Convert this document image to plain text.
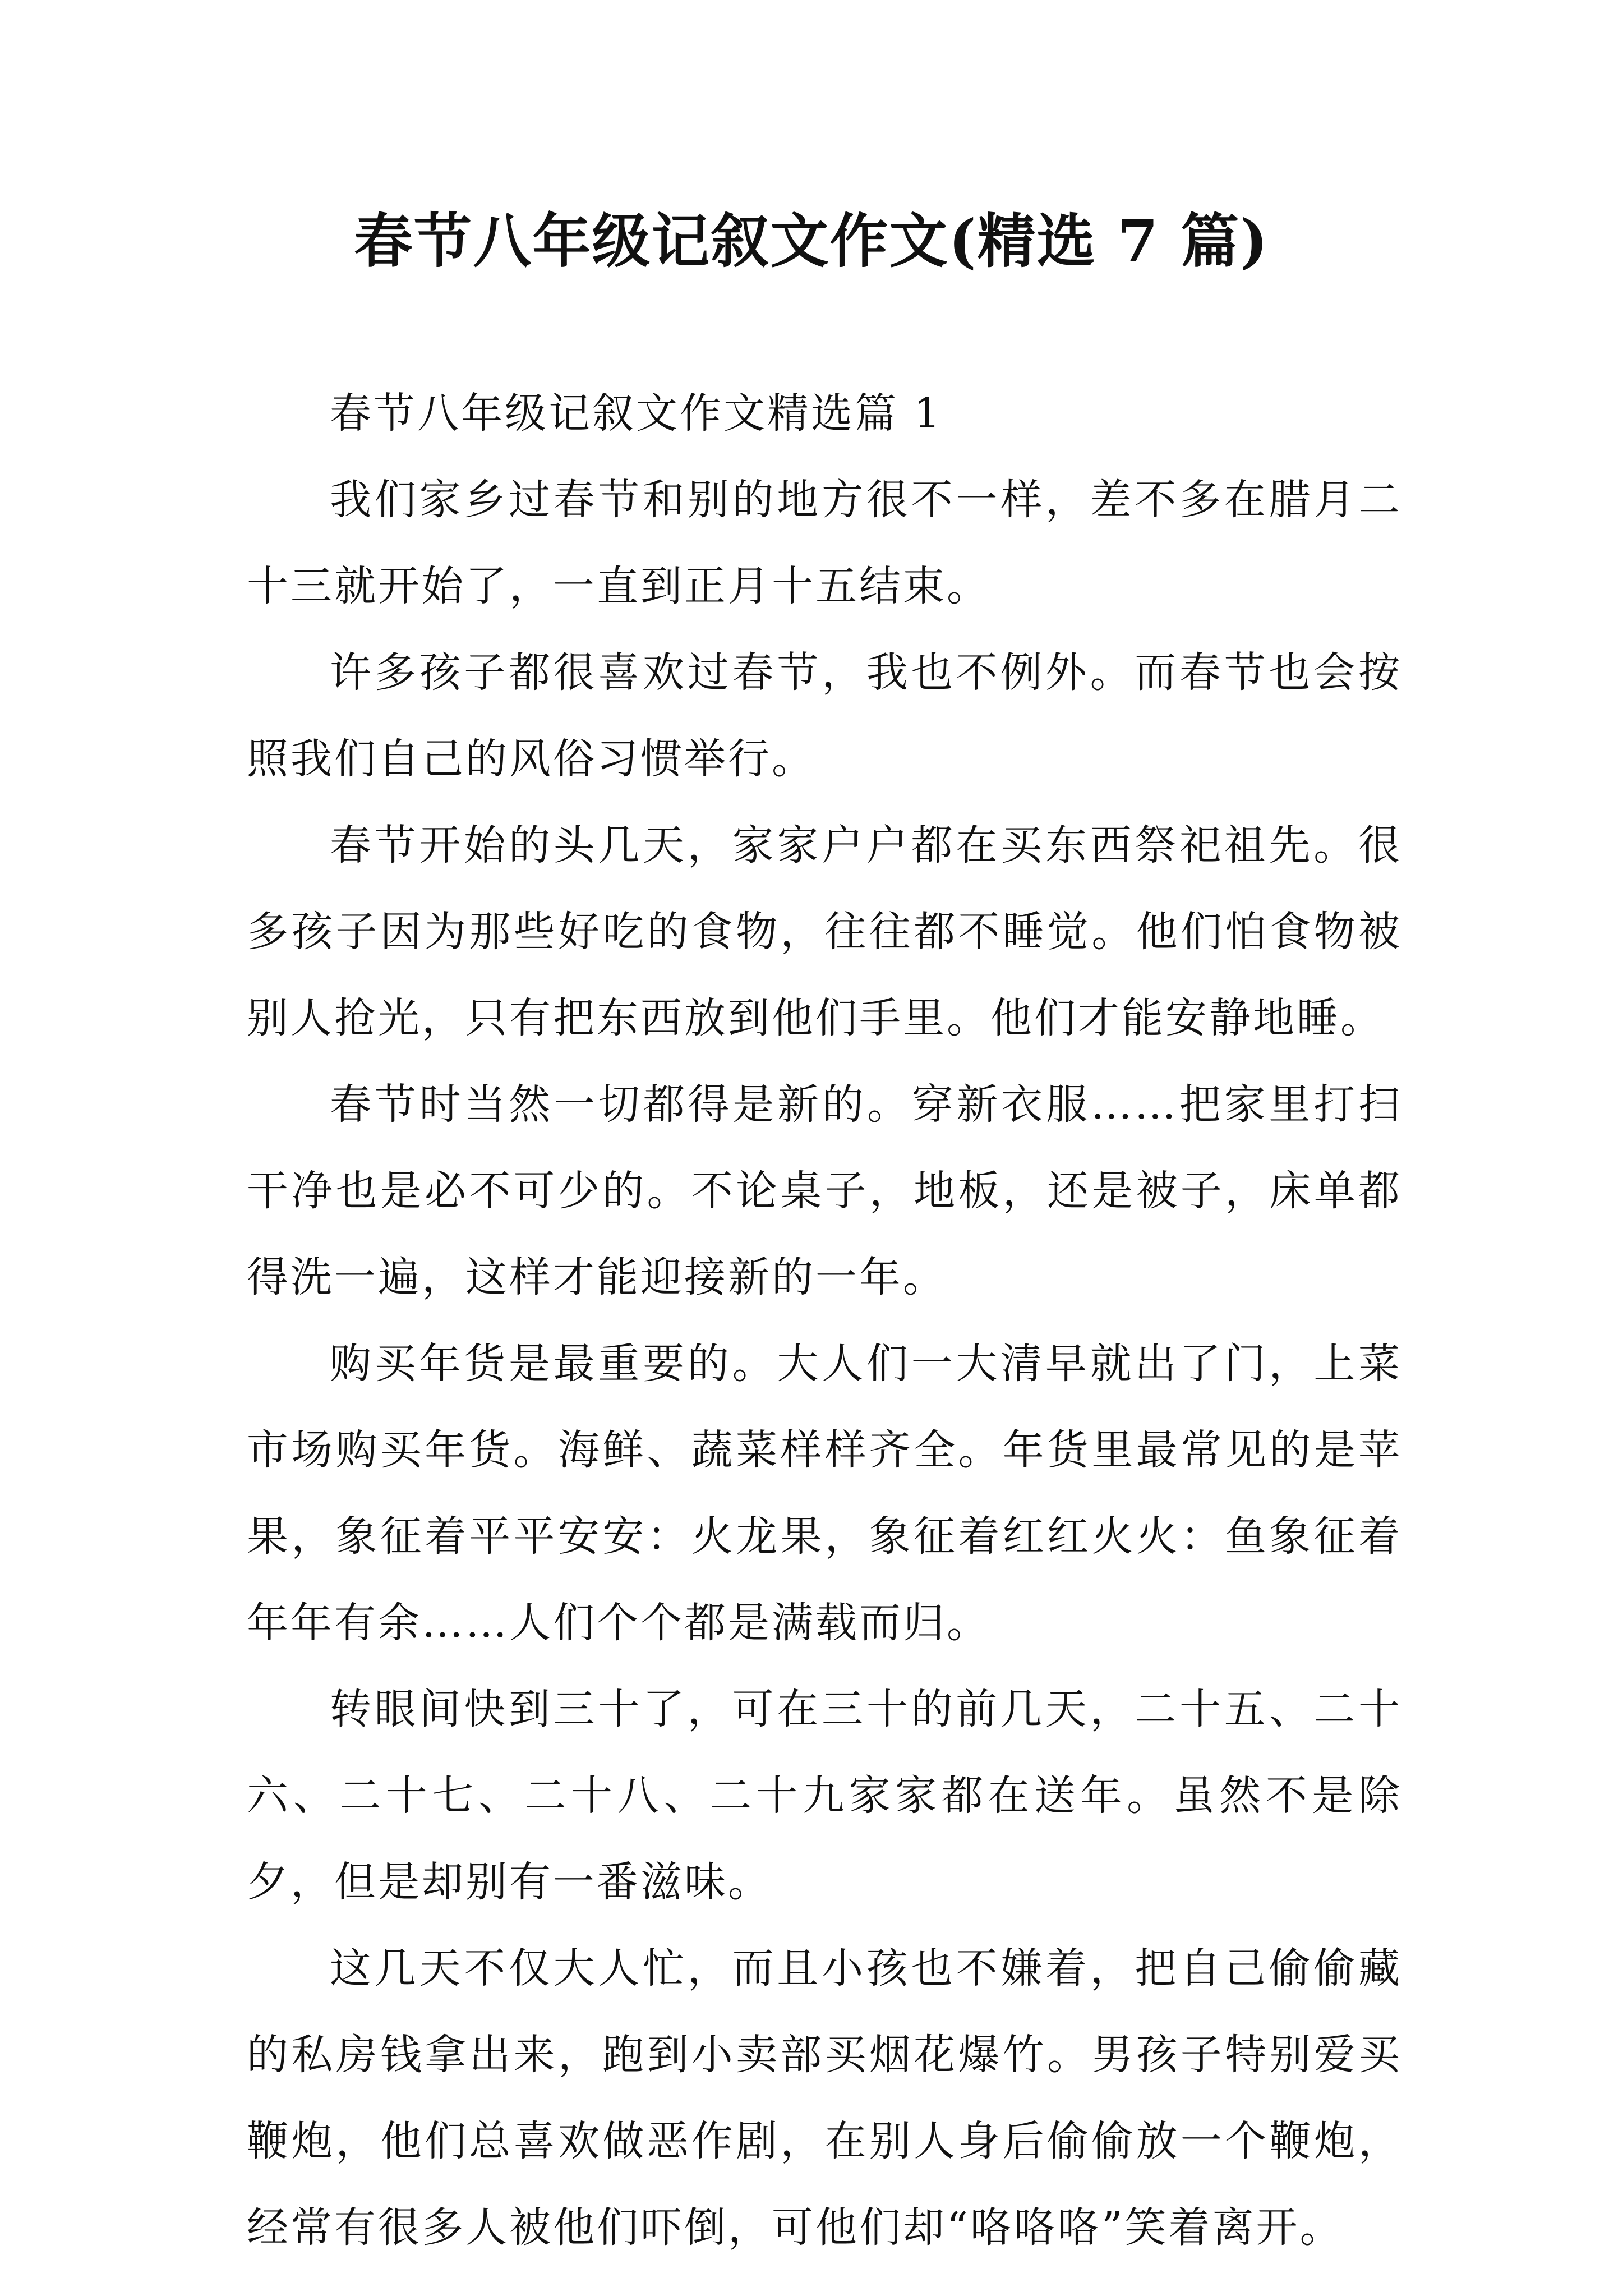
春节八年级记叙文作文(精选 7 篇)

春节八年级记叙文作文精选篇 1

我们家乡过春节和别的地方很不一样，差不多在腊月二十三就开始了，一直到正月十五结束。

许多孩子都很喜欢过春节，我也不例外。而春节也会按照我们自己的风俗习惯举行。

春节开始的头几天，家家户户都在买东西祭祀祖先。很多孩子因为那些好吃的食物，往往都不睡觉。他们怕食物被别人抢光，只有把东西放到他们手里。他们才能安静地睡。

春节时当然一切都得是新的。穿新衣服……把家里打扫干净也是必不可少的。不论桌子，地板，还是被子，床单都得洗一遍，这样才能迎接新的一年。

购买年货是最重要的。大人们一大清早就出了门，上菜市场购买年货。海鲜、蔬菜样样齐全。年货里最常见的是苹果，象征着平平安安：火龙果，象征着红红火火：鱼象征着年年有余……人们个个都是满载而归。

转眼间快到三十了，可在三十的前几天，二十五、二十六、二十七、二十八、二十九家家都在送年。虽然不是除夕，但是却别有一番滋味。

这几天不仅大人忙，而且小孩也不嫌着，把自己偷偷藏的私房钱拿出来，跑到小卖部买烟花爆竹。男孩子特别爱买鞭炮，他们总喜欢做恶作剧，在别人身后偷偷放一个鞭炮，经常有很多人被他们吓倒，可他们却“咯咯咯”笑着离开。
